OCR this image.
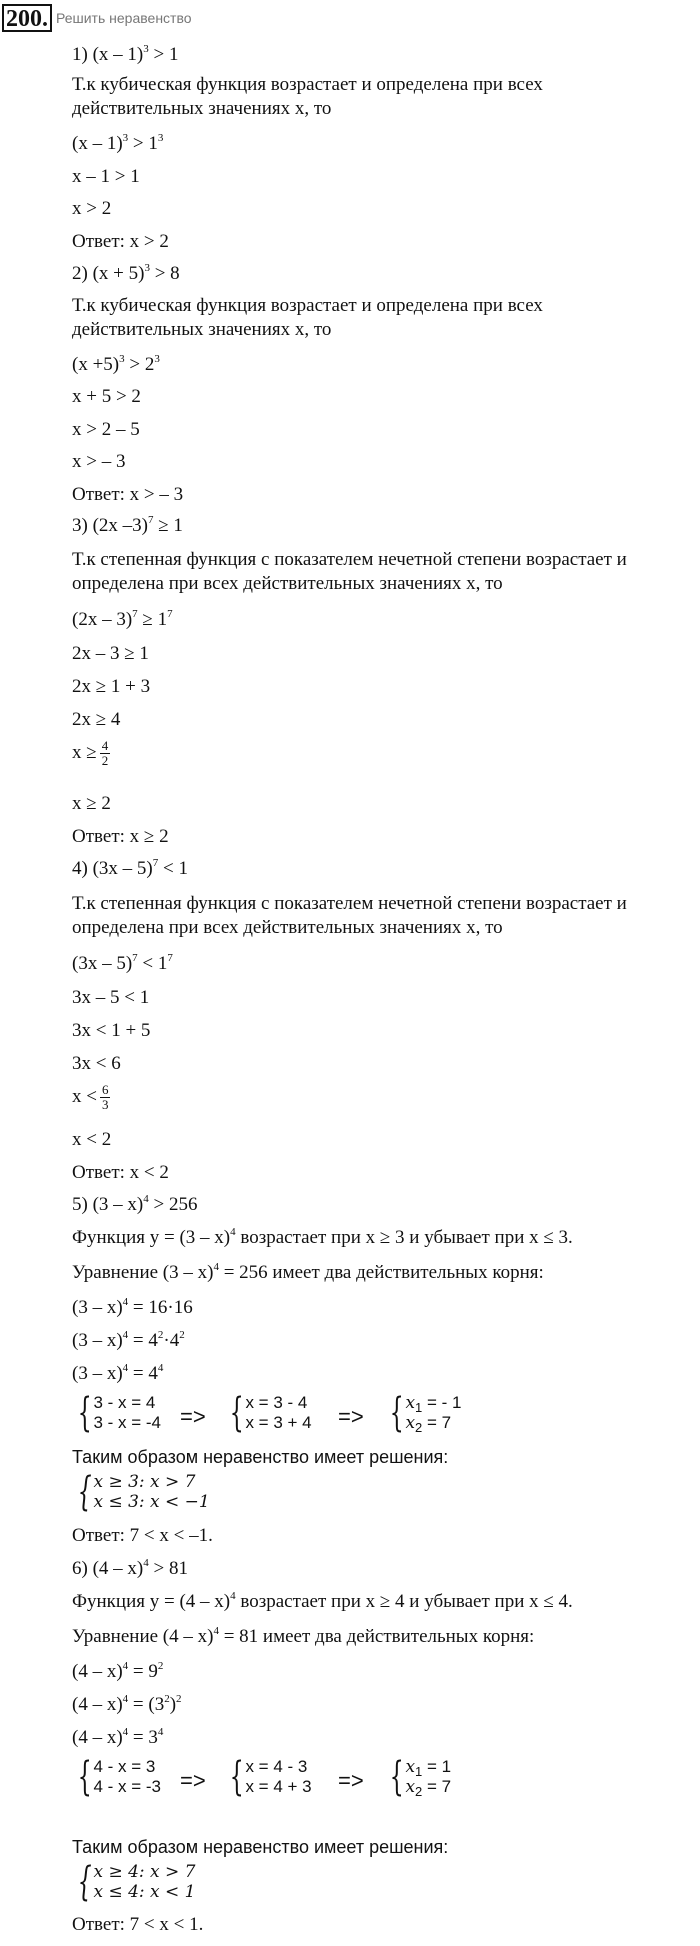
200. Решить неравенство
1) (x – 1)$^3$ > 1
Т.к кубическая функция возрастает и определена при всех
действительных значениях x, то
$(x - 1)^3 > 1^3$
x – 1 > 1
x > 2
Ответ: x > 2
2) $(x + 5)^3 > 8$
Т.к кубическая функция возрастает и определена при всех
действительных значениях x, то
$(x +5)^3 > 2^3$
x + 5 > 2
x > 2 – 5
x > – 3
Ответ: x > – 3
3) (2x –3)$^7$ ≥ 1
Т.к степенная функция с показателем нечетной степени возрастает и
определена при всех действительных значениях x, то
$(2x - 3)^7 \ge 1^7$
2x – 3 ≥ 1
2x ≥ 1 + 3
2x ≥ 4
$x \ge \frac{4}{2}$
x ≥ 2
Ответ: x ≥ 2
4) (3x – 5)$^7$ < 1
Т.к степенная функция с показателем нечетной степени возрастает и
определена при всех действительных значениях x, то
$(3x - 5)^7 < 1^7$
3x – 5 < 1
3x < 1 + 5
3x < 6
$x < \frac{6}{3}$
x < 2
Ответ: x < 2
5) (3 – x)$^4$ > 256
Функция y = (3 – x)$^4$ возрастает при x ≥ 3 и убывает при x ≤ 3.
Уравнение (3 – x)$^4$ = 256 имеет два действительных корня:
(3 – x)$^4$ = 16·16
$(3 - x)^4 = 4^2\cdot 4^2$
$(3 - x)^4 = 4^4$
{ 3 - x = 4
3 - x = -4 => { x = 3 - 4
x = 3 + 4 => { $x_1$ = - 1
$x_2 = 7$
Таким образом неравенство имеет решения:
{ x ≥ 3: x > 7
x ≤ 3: x < −1
Ответ: 7 < x < –1.
6) (4 – x)$^4$ > 81
Функция y = (4 – x)$^4$ возрастает при x ≥ 4 и убывает при x ≤ 4.
Уравнение (4 – x)$^4$ = 81 имеет два действительных корня:
$(4 - x)^4 = 9^2$
$(4 - x)^4 = (3^2)^2$
$(4 - x)^4 = 3^4$
{ 4 - x = 3
4 - x = -3 => { x = 4 - 3
x = 4 + 3 => { $x_1 = 1$
$x_2 = 7$
Таким образом неравенство имеет решения:
{ x ≥ 4: x > 7
x ≤ 4: x < 1
Ответ: 7 < x < 1.
